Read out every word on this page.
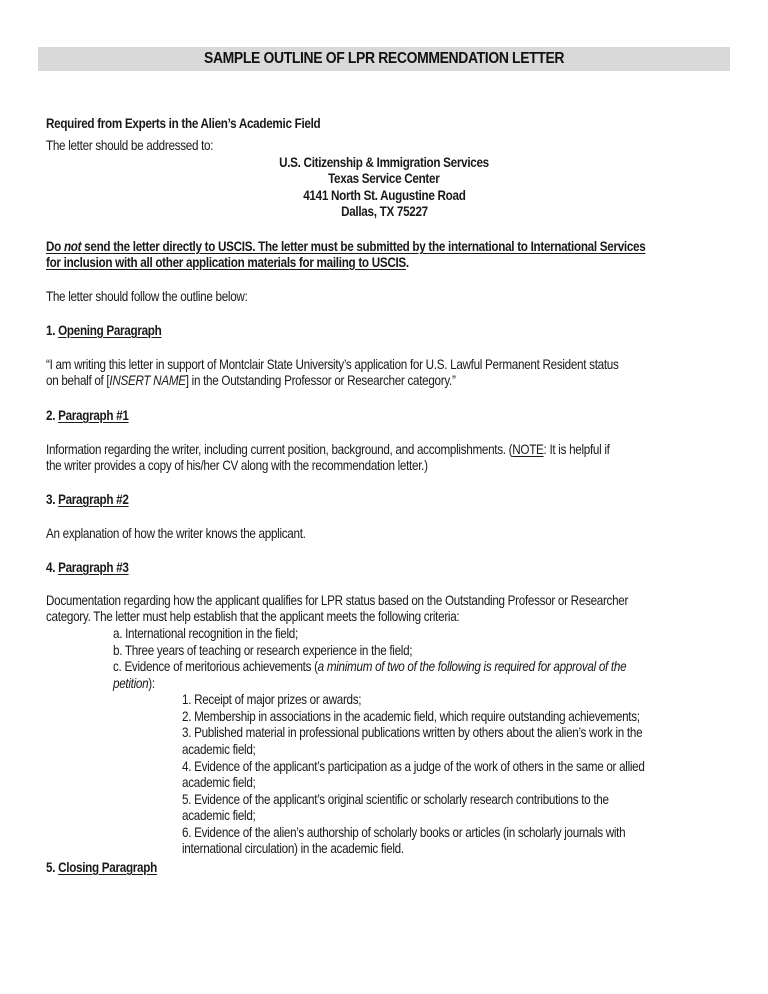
SAMPLE OUTLINE OF LPR RECOMMENDATION LETTER
Required from Experts in the Alien’s Academic Field
The letter should be addressed to:
U.S. Citizenship & Immigration Services
Texas Service Center
4141 North St. Augustine Road
Dallas, TX 75227
Do not send the letter directly to USCIS. The letter must be submitted by the international to International Services
for inclusion with all other application materials for mailing to USCIS.
The letter should follow the outline below:
1. Opening Paragraph
“I am writing this letter in support of Montclair State University’s application for U.S. Lawful Permanent Resident status
on behalf of [INSERT NAME] in the Outstanding Professor or Researcher category.”
2. Paragraph #1
Information regarding the writer, including current position, background, and accomplishments. (NOTE: It is helpful if
the writer provides a copy of his/her CV along with the recommendation letter.)
3. Paragraph #2
An explanation of how the writer knows the applicant.
4. Paragraph #3
Documentation regarding how the applicant qualifies for LPR status based on the Outstanding Professor or Researcher
category. The letter must help establish that the applicant meets the following criteria:
a. International recognition in the field;
b. Three years of teaching or research experience in the field;
c. Evidence of meritorious achievements (a minimum of two of the following is required for approval of the
petition):
1. Receipt of major prizes or awards;
2. Membership in associations in the academic field, which require outstanding achievements;
3. Published material in professional publications written by others about the alien’s work in the
academic field;
4. Evidence of the applicant’s participation as a judge of the work of others in the same or allied
academic field;
5. Evidence of the applicant’s original scientific or scholarly research contributions to the
academic field;
6. Evidence of the alien’s authorship of scholarly books or articles (in scholarly journals with
international circulation) in the academic field.
5. Closing Paragraph
